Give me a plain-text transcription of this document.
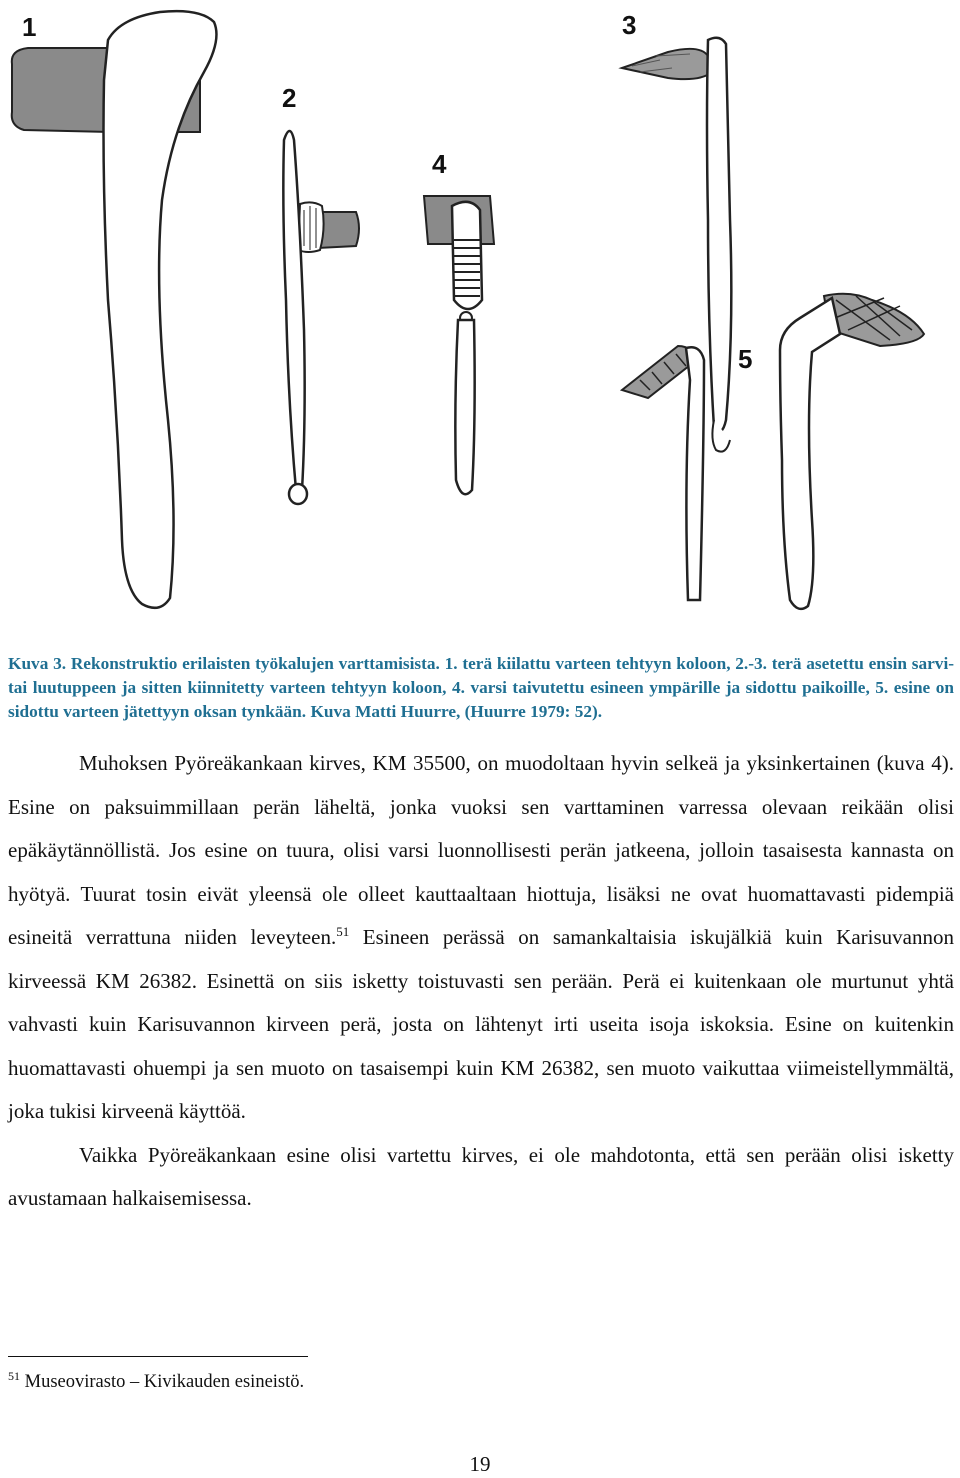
1
2
3
4
5

Kuva 3. Rekonstruktio erilaisten työkalujen varttamisista. 1. terä kiilattu varteen tehtyyn koloon, 2.-3. terä asetettu ensin sarvi- tai luutuppeen ja sitten kiinnitetty varteen tehtyyn koloon, 4. varsi taivutettu esineen ympärille ja sidottu paikoille, 5. esine on sidottu varteen jätettyyn oksan tynkään. Kuva Matti Huurre, (Huurre 1979: 52).

Muhoksen Pyöreäkankaan kirves, KM 35500, on muodoltaan hyvin selkeä ja yksinkertainen (kuva 4). Esine on paksuimmillaan perän läheltä, jonka vuoksi sen varttaminen varressa olevaan reikään olisi epäkäytännöllistä. Jos esine on tuura, olisi varsi luonnollisesti perän jatkeena, jolloin tasaisesta kannasta on hyötyä. Tuurat tosin eivät yleensä ole olleet kauttaaltaan hiottuja, lisäksi ne ovat huomattavasti pidempiä esineitä verrattuna niiden leveyteen.$^{51}$ Esineen perässä on samankaltaisia iskujälkiä kuin Karisuvannon kirveessä KM 26382. Esinettä on siis isketty toistuvasti sen perään. Perä ei kuitenkaan ole murtunut yhtä vahvasti kuin Karisuvannon kirveen perä, josta on lähtenyt irti useita isoja iskoksia. Esine on kuitenkin huomattavasti ohuempi ja sen muoto on tasaisempi kuin KM 26382, sen muoto vaikuttaa viimeistellymmältä, joka tukisi kirveenä käyttöä.

Vaikka Pyöreäkankaan esine olisi vartettu kirves, ei ole mahdotonta, että sen perään olisi isketty avustamaan halkaisemisessa.

$^{51}$ Museovirasto – Kivikauden esineistö.

19
